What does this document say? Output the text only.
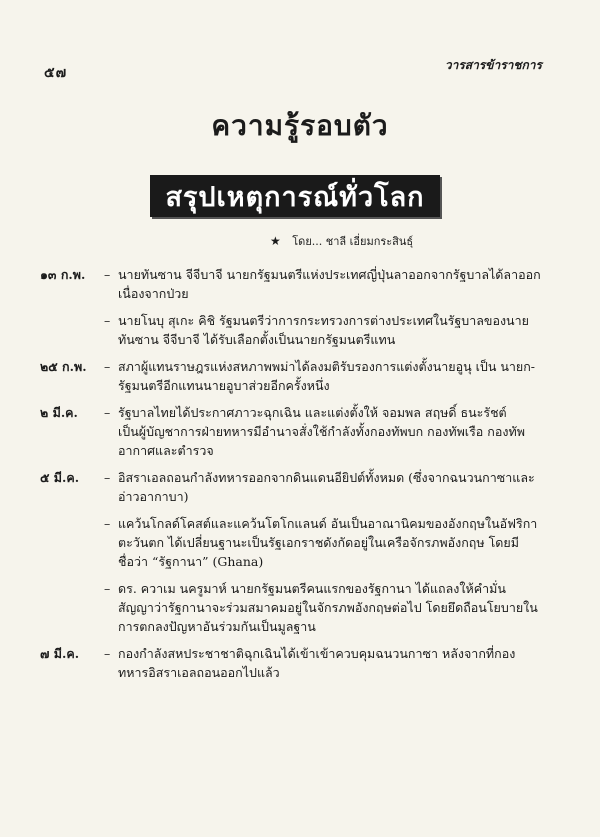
๕๗	วารสารข้าราชการ
ความรู้รอบตัว
สรุปเหตุการณ์ทั่วโลก
★ โดย... ชาลี เอี่ยมกระสินธุ์
๑๓ ก.พ.	– นายทันซาน จีจีบาจี นายกรัฐมนตรีแห่งประเทศญี่ปุ่นลาออกจากรัฐบาลได้ลาออก
เนื่องจากป่วย
– นายโนบุ สุเกะ คิชิ รัฐมนตรีว่าการกระทรวงการต่างประเทศในรัฐบาลของนาย
ทันซาน จีจีบาจี ได้รับเลือกตั้งเป็นนายกรัฐมนตรีแทน
๒๕ ก.พ.	– สภาผู้แทนราษฎรแห่งสหภาพพม่าได้ลงมติรับรองการแต่งตั้งนายอูนุ เป็น นายก-
รัฐมนตรีอีกแทนนายอูบาส่วยอีกครั้งหนึ่ง
๒ มี.ค.	– รัฐบาลไทยได้ประกาศภาวะฉุกเฉิน และแต่งตั้งให้ จอมพล สฤษดิ์ ธนะรัชต์
เป็นผู้บัญชาการฝ่ายทหารมีอำนาจสั่งใช้กำลังทั้งกองทัพบก กองทัพเรือ กองทัพ
อากาศและตำรวจ
๕ มี.ค.	– อิสราเอลถอนกำลังทหารออกจากดินแดนอียิปต์ทั้งหมด (ซึ่งจากฉนวนกาซาและ
อ่าวอากาบา)
– แคว้นโกลด์โคสต์และแคว้นโตโกแลนด์ อันเป็นอาณานิคมของอังกฤษในอัฟริกา
ตะวันตก ได้เปลี่ยนฐานะเป็นรัฐเอกราชดังกัดอยู่ในเครือจักรภพอังกฤษ โดยมี
ชื่อว่า “รัฐกานา” (Ghana)
– ดร. ควาเม นครูมาห์ นายกรัฐมนตรีคนแรกของรัฐกานา ได้แถลงให้คำมั่น
สัญญาว่ารัฐกานาจะร่วมสมาคมอยู่ในจักรภพอังกฤษต่อไป โดยยึดถือนโยบายใน
การตกลงปัญหาอันร่วมกันเป็นมูลฐาน
๗ มี.ค.	– กองกำลังสหประชาชาติฉุกเฉินได้เข้าเข้าควบคุมฉนวนกาซา หลังจากที่กอง
ทหารอิสราเอลถอนออกไปแล้ว
